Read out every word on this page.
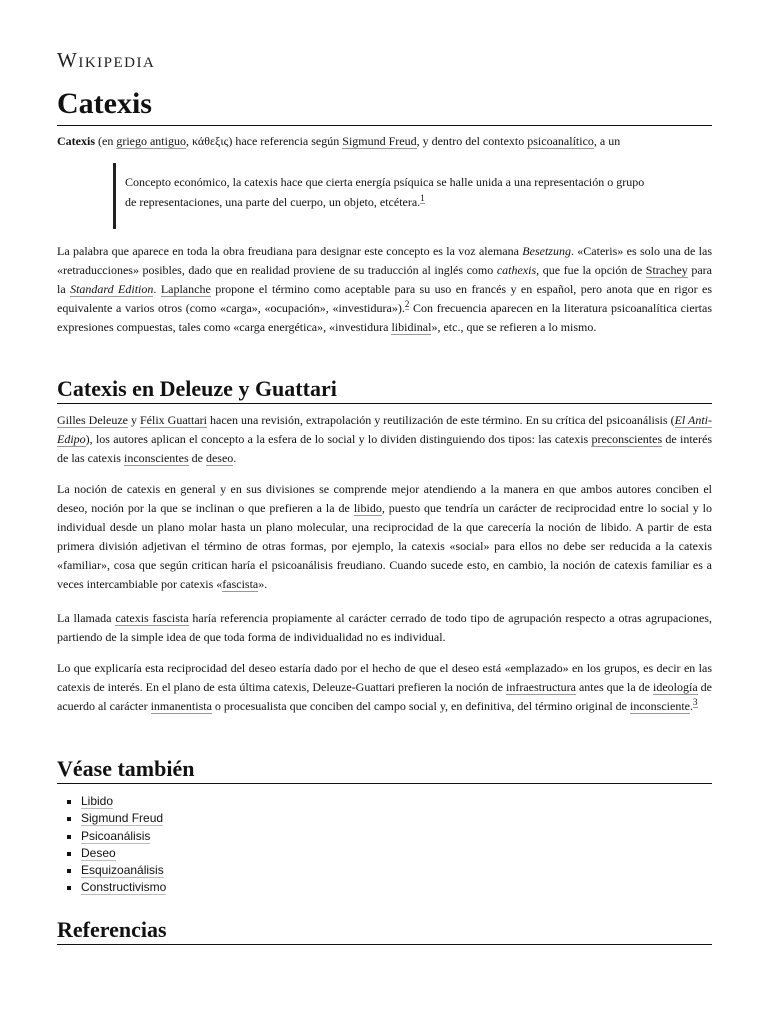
Wikipedia
Catexis

Catexis (en griego antiguo, κάθεξις) hace referencia según Sigmund Freud, y dentro del contexto psicoanalítico, a un

Concepto económico, la catexis hace que cierta energía psíquica se halle unida a una representación o grupo de representaciones, una parte del cuerpo, un objeto, etcétera.$^1$

La palabra que aparece en toda la obra freudiana para designar este concepto es la voz alemana Besetzung. «Cateris» es solo una de las «retraducciones» posibles, dado que en realidad proviene de su traducción al inglés como cathexis, que fue la opción de Strachey para la Standard Edition. Laplanche propone el término como aceptable para su uso en francés y en español, pero anota que en rigor es equivalente a varios otros (como «carga», «ocupación», «investidura»).$^2$ Con frecuencia aparecen en la literatura psicoanalítica ciertas expresiones compuestas, tales como «carga energética», «investidura libidinal», etc., que se refieren a lo mismo.

Catexis en Deleuze y Guattari

Gilles Deleuze y Félix Guattari hacen una revisión, extrapolación y reutilización de este término. En su crítica del psicoanálisis (El Anti-Edipo), los autores aplican el concepto a la esfera de lo social y lo dividen distinguiendo dos tipos: las catexis preconscientes de interés de las catexis inconscientes de deseo.

La noción de catexis en general y en sus divisiones se comprende mejor atendiendo a la manera en que ambos autores conciben el deseo, noción por la que se inclinan o que prefieren a la de libido, puesto que tendría un carácter de reciprocidad entre lo social y lo individual desde un plano molar hasta un plano molecular, una reciprocidad de la que carecería la noción de libido. A partir de esta primera división adjetivan el término de otras formas, por ejemplo, la catexis «social» para ellos no debe ser reducida a la catexis «familiar», cosa que según critican haría el psicoanálisis freudiano. Cuando sucede esto, en cambio, la noción de catexis familiar es a veces intercambiable por catexis «fascista».

La llamada catexis fascista haría referencia propiamente al carácter cerrado de todo tipo de agrupación respecto a otras agrupaciones, partiendo de la simple idea de que toda forma de individualidad no es individual.

Lo que explicaría esta reciprocidad del deseo estaría dado por el hecho de que el deseo está «emplazado» en los grupos, es decir en las catexis de interés. En el plano de esta última catexis, Deleuze-Guattari prefieren la noción de infraestructura antes que la de ideología de acuerdo al carácter inmanentista o procesualista que conciben del campo social y, en definitiva, del término original de inconsciente.$^3$

Véase también
Libido
Sigmund Freud
Psicoanálisis
Deseo
Esquizoanálisis
Constructivismo
Referencias
